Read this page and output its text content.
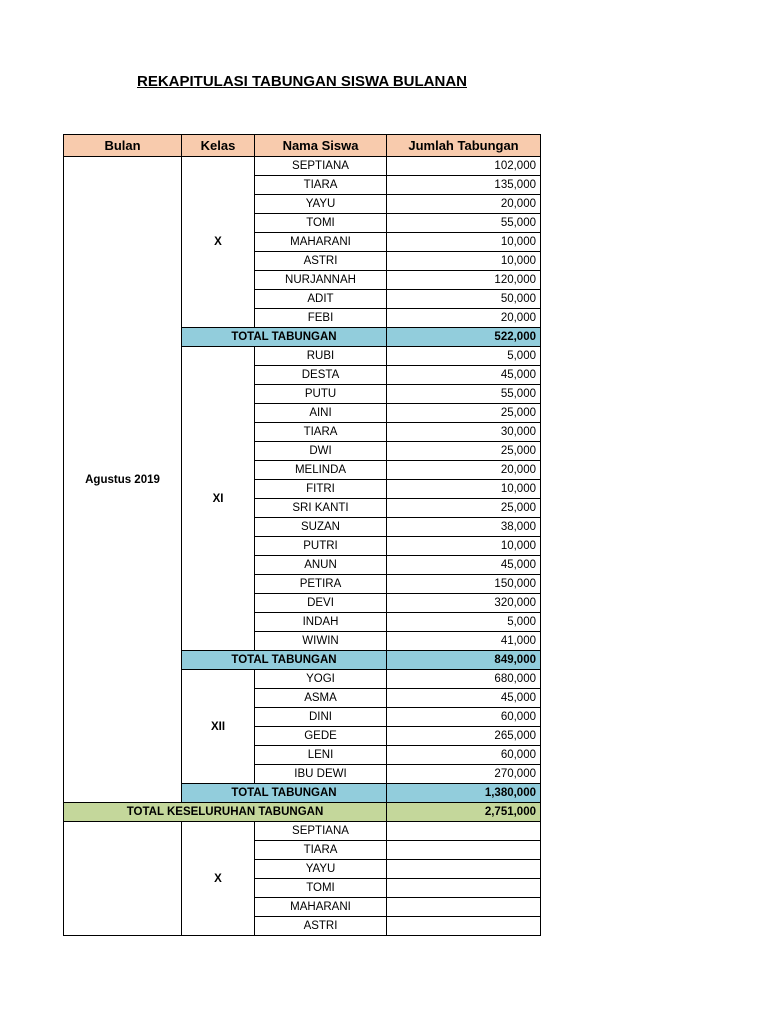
REKAPITULASI TABUNGAN SISWA BULANAN
Bulan	Kelas	Nama Siswa	Jumlah Tabungan
Agustus 2019	X	SEPTIANA	102,000
		TIARA	135,000
		YAYU	20,000
		TOMI	55,000
		MAHARANI	10,000
		ASTRI	10,000
		NURJANNAH	120,000
		ADIT	50,000
		FEBI	20,000
	TOTAL TABUNGAN		522,000
	XI	RUBI	5,000
		DESTA	45,000
		PUTU	55,000
		AINI	25,000
		TIARA	30,000
		DWI	25,000
		MELINDA	20,000
		FITRI	10,000
		SRI KANTI	25,000
		SUZAN	38,000
		PUTRI	10,000
		ANUN	45,000
		PETIRA	150,000
		DEVI	320,000
		INDAH	5,000
		WIWIN	41,000
	TOTAL TABUNGAN		849,000
	XII	YOGI	680,000
		ASMA	45,000
		DINI	60,000
		GEDE	265,000
		LENI	60,000
		IBU DEWI	270,000
	TOTAL TABUNGAN		1,380,000
TOTAL KESELURUHAN TABUNGAN			2,751,000
	X	SEPTIANA	
		TIARA	
		YAYU	
		TOMI	
		MAHARANI	
		ASTRI	
